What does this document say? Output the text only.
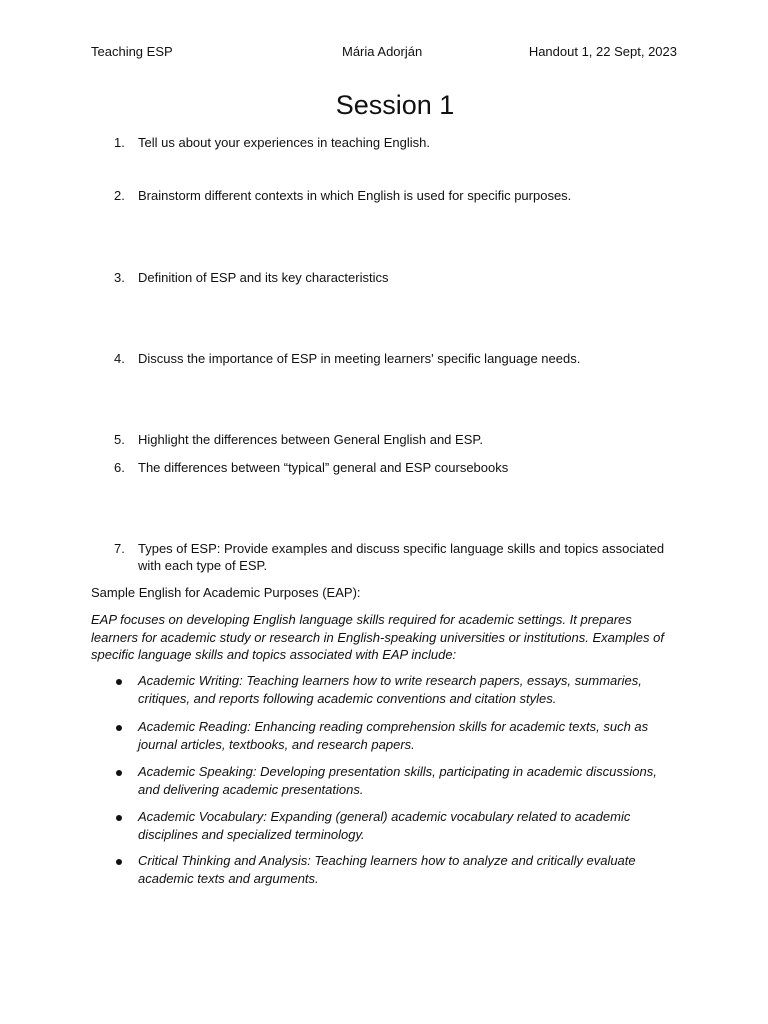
Teaching ESP	Mária Adorján	Handout 1, 22 Sept, 2023
Session 1
1. Tell us about your experiences in teaching English.
2. Brainstorm different contexts in which English is used for specific purposes.
3. Definition of ESP and its key characteristics
4. Discuss the importance of ESP in meeting learners' specific language needs.
5. Highlight the differences between General English and ESP.
6. The differences between “typical” general and ESP coursebooks
7. Types of ESP: Provide examples and discuss specific language skills and topics associated with each type of ESP.
Sample English for Academic Purposes (EAP):
EAP focuses on developing English language skills required for academic settings. It prepares learners for academic study or research in English-speaking universities or institutions. Examples of specific language skills and topics associated with EAP include:
Academic Writing: Teaching learners how to write research papers, essays, summaries, critiques, and reports following academic conventions and citation styles.
Academic Reading: Enhancing reading comprehension skills for academic texts, such as journal articles, textbooks, and research papers.
Academic Speaking: Developing presentation skills, participating in academic discussions, and delivering academic presentations.
Academic Vocabulary: Expanding (general) academic vocabulary related to academic disciplines and specialized terminology.
Critical Thinking and Analysis: Teaching learners how to analyze and critically evaluate academic texts and arguments.
